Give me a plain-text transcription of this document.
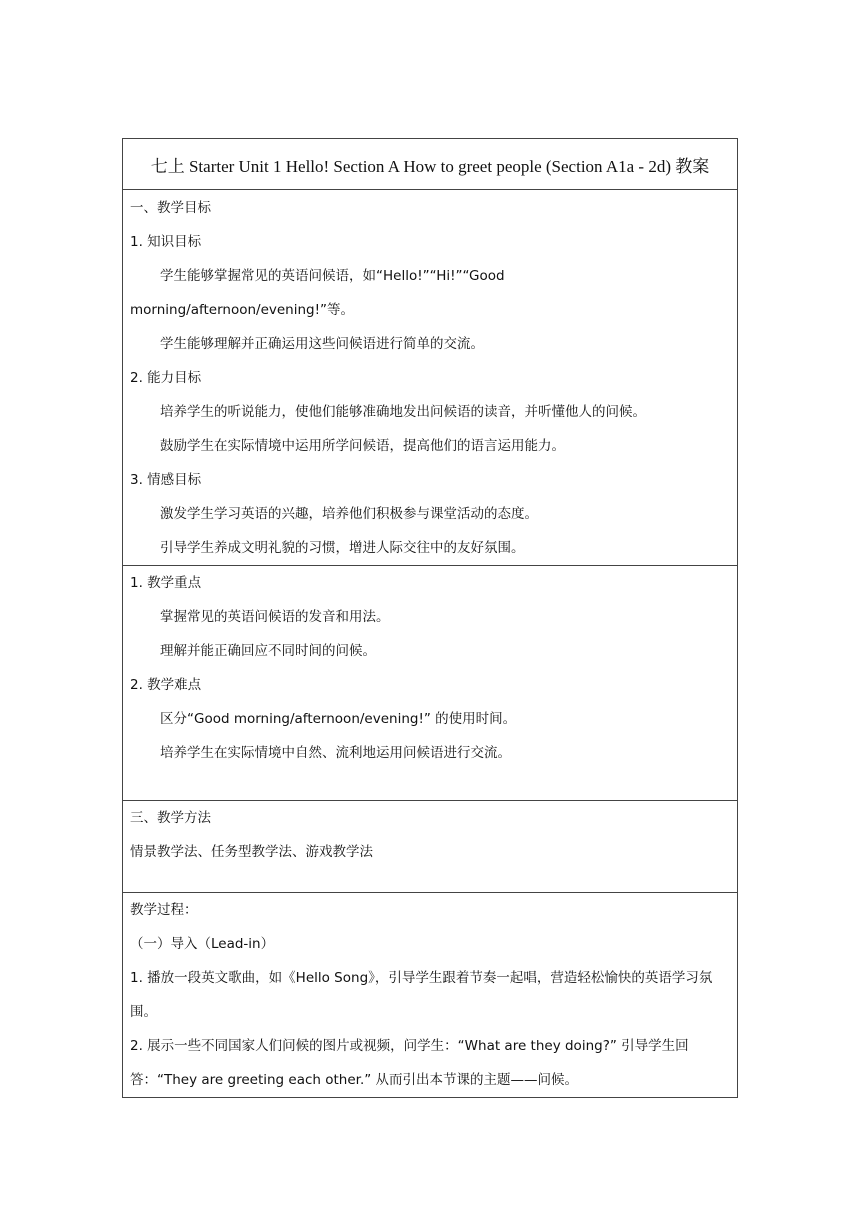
七上 Starter Unit 1 Hello! Section A How to greet people (Section A1a - 2d) 教案

一、教学目标
1. 知识目标
学生能够掌握常见的英语问候语，如“Hello!”“Hi!”“Good morning/afternoon/evening!”等。
学生能够理解并正确运用这些问候语进行简单的交流。
2. 能力目标
培养学生的听说能力，使他们能够准确地发出问候语的读音，并听懂他人的问候。
鼓励学生在实际情境中运用所学问候语，提高他们的语言运用能力。
3. 情感目标
激发学生学习英语的兴趣，培养他们积极参与课堂活动的态度。
引导学生养成文明礼貌的习惯，增进人际交往中的友好氛围。

1. 教学重点
掌握常见的英语问候语的发音和用法。
理解并能正确回应不同时间的问候。
2. 教学难点
区分“Good morning/afternoon/evening!” 的使用时间。
培养学生在实际情境中自然、流利地运用问候语进行交流。

三、教学方法
情景教学法、任务型教学法、游戏教学法

教学过程：
（一）导入（Lead-in）
1. 播放一段英文歌曲，如《Hello Song》，引导学生跟着节奏一起唱，营造轻松愉快的英语学习氛围。
2. 展示一些不同国家人们问候的图片或视频，问学生：“What are they doing?” 引导学生回答：“They are greeting each other.” 从而引出本节课的主题——问候。
